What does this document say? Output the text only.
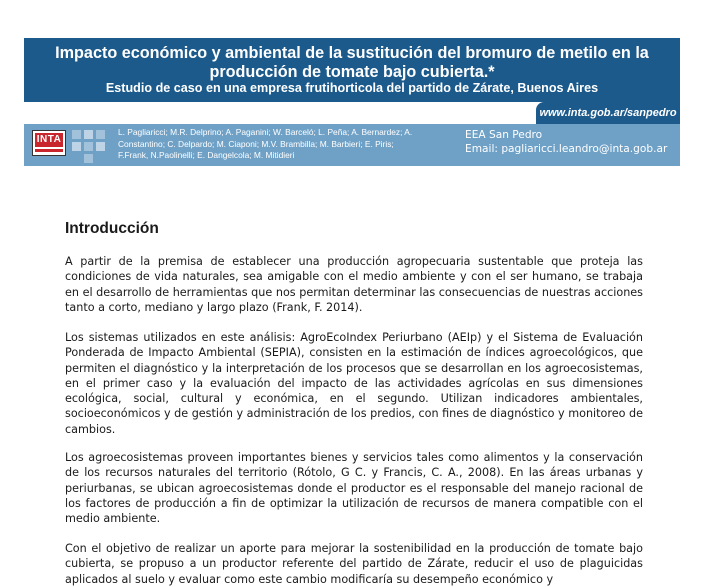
Impacto económico y ambiental de la sustitución del bromuro de metilo en la producción de tomate bajo cubierta.*
Estudio de caso en una empresa frutihorticola del partido de Zárate, Buenos Aires
www.inta.gob.ar/sanpedro
INTA
L. Pagliaricci; M.R. Delprino; A. Paganini; W. Barceló; L. Peña; A. Bernardez; A. Constantino; C. Delpardo; M. Ciaponi; M.V. Brambilla; M. Barbieri; E. Piris; F.Frank, N.Paolinelli; E. Dangelcola; M. Mitidieri
EEA San Pedro
Email: pagliaricci.leandro@inta.gob.ar
Introducción
A partir de la premisa de establecer una producción agropecuaria sustentable que proteja las condiciones de vida naturales, sea amigable con el medio ambiente y con el ser humano, se trabaja en el desarrollo de herramientas que nos permitan determinar las consecuencias de nuestras acciones tanto a corto, mediano y largo plazo (Frank, F. 2014).
Los sistemas utilizados en este análisis: AgroEcoIndex Periurbano (AEIp) y el Sistema de Evaluación Ponderada de Impacto Ambiental (SEPIA), consisten en la estimación de índices agroecológicos, que permiten el diagnóstico y la interpretación de los procesos que se desarrollan en los agroecosistemas, en el primer caso y la evaluación del impacto de las actividades agrícolas en sus dimensiones ecológica, social, cultural y económica, en el segundo. Utilizan indicadores ambientales, socioeconómicos y de gestión y administración de los predios, con fines de diagnóstico y monitoreo de cambios.
Los agroecosistemas proveen importantes bienes y servicios tales como alimentos y la conservación de los recursos naturales del territorio (Rótolo, G C. y Francis, C. A., 2008). En las áreas urbanas y periurbanas, se ubican agroecosistemas donde el productor es el responsable del manejo racional de los factores de producción a fin de optimizar la utilización de recursos de manera compatible con el medio ambiente.
Con el objetivo de realizar un aporte para mejorar la sostenibilidad en la producción de tomate bajo cubierta, se propuso a un productor referente del partido de Zárate, reducir el uso de plaguicidas aplicados al suelo y evaluar como este cambio modificaría su desempeño económico y
